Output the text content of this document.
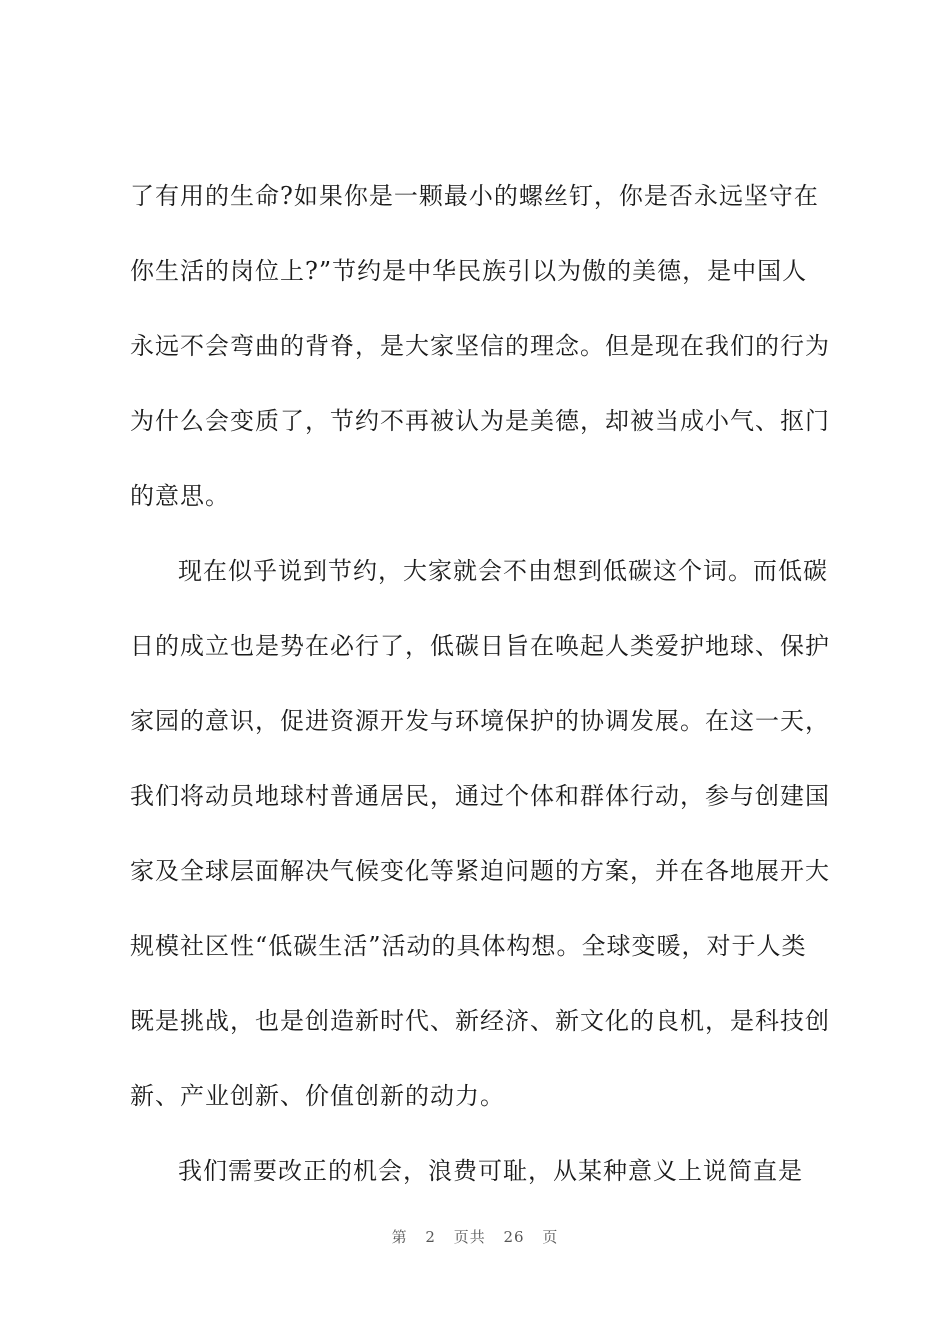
了有用的生命?如果你是一颗最小的螺丝钉，你是否永远坚守在
你生活的岗位上?”节约是中华民族引以为傲的美德，是中国人
永远不会弯曲的背脊，是大家坚信的理念。但是现在我们的行为
为什么会变质了，节约不再被认为是美德，却被当成小气、抠门
的意思。
现在似乎说到节约，大家就会不由想到低碳这个词。而低碳
日的成立也是势在必行了，低碳日旨在唤起人类爱护地球、保护
家园的意识，促进资源开发与环境保护的协调发展。在这一天，
我们将动员地球村普通居民，通过个体和群体行动，参与创建国
家及全球层面解决气候变化等紧迫问题的方案，并在各地展开大
规模社区性“低碳生活”活动的具体构想。全球变暖，对于人类
既是挑战，也是创造新时代、新经济、新文化的良机，是科技创
新、产业创新、价值创新的动力。
我们需要改正的机会，浪费可耻，从某种意义上说简直是
第 2 页共 26 页
